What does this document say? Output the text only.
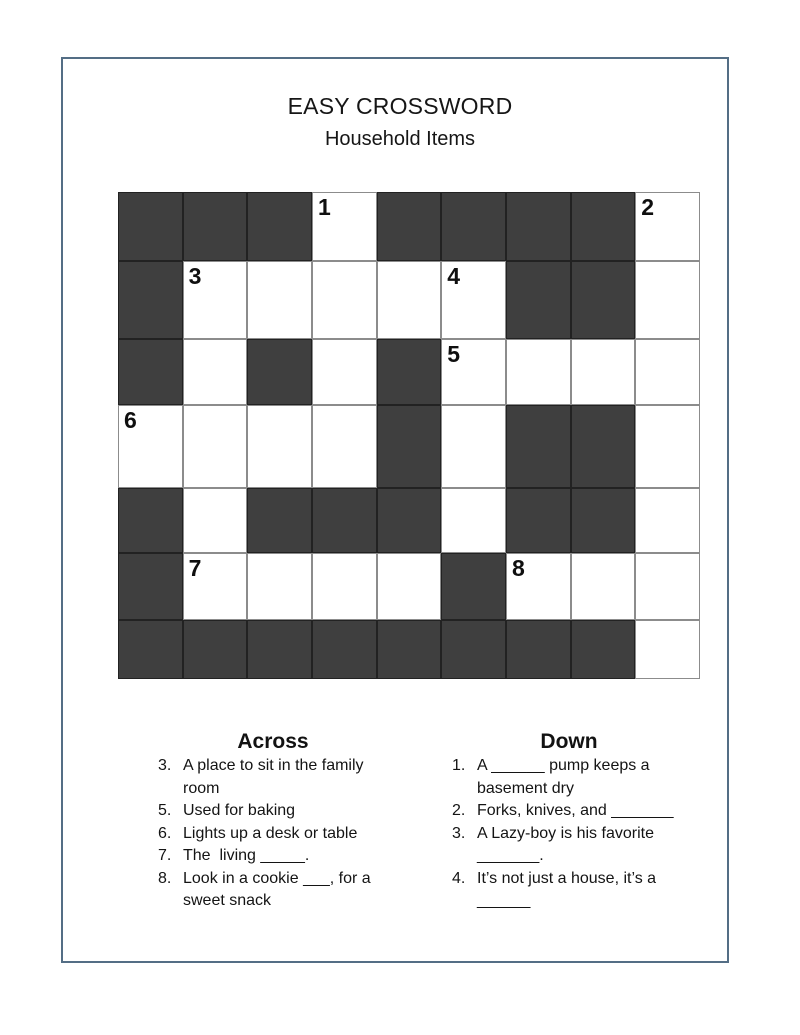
EASY CROSSWORD
Household Items
1	2
3	4
5
6
7	8
Across	Down
3. A place to sit in the family room
5. Used for baking
6. Lights up a desk or table
7. The  living _____.
8. Look in a cookie ___, for a sweet snack
1. A ______ pump keeps a basement dry
2. Forks, knives, and _______
3. A Lazy-boy is his favorite _______.
4. It’s not just a house, it’s a ______
